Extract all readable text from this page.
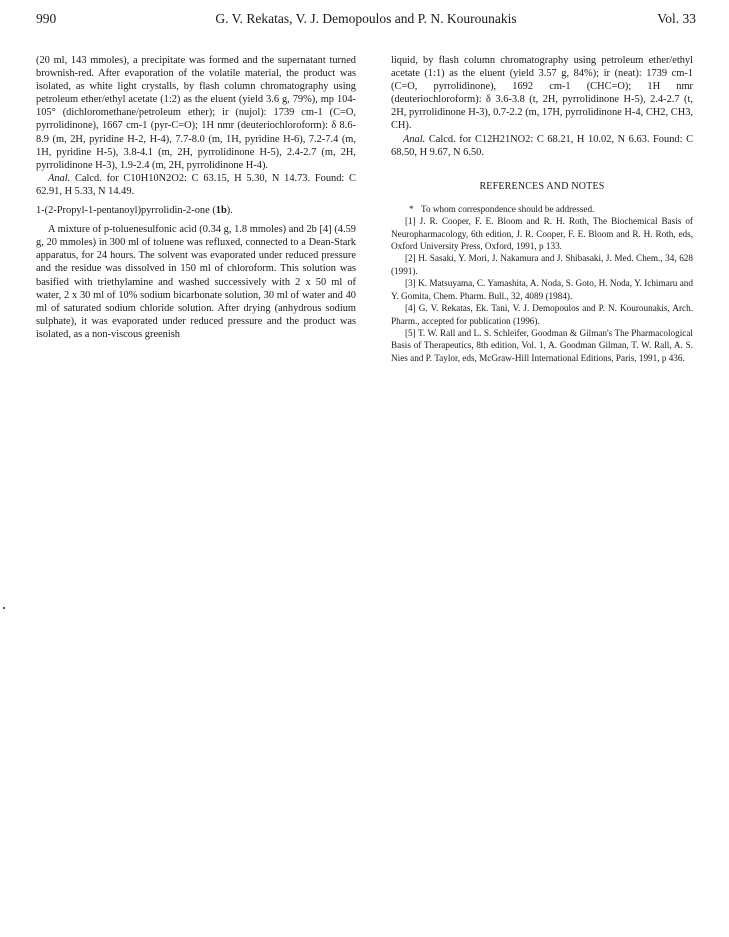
990	G. V. Rekatas, V. J. Demopoulos and P. N. Kourounakis	Vol. 33

(20 ml, 143 mmoles), a precipitate was formed and the supernatant turned brownish-red. After evaporation of the volatile material, the product was isolated, as white light crystalls, by flash column chromatography using petroleum ether/ethyl acetate (1:2) as the eluent (yield 3.6 g, 79%), mp 104-105° (dichloromethane/petroleum ether); ir (nujol): 1739 cm-1 (C=O, pyrrolidinone), 1667 cm-1 (pyr-C=O); 1H nmr (deuteriochloroform): δ 8.6-8.9 (m, 2H, pyridine H-2, H-4), 7.7-8.0 (m, 1H, pyridine H-6), 7.2-7.4 (m, 1H, pyridine H-5), 3.8-4.1 (m, 2H, pyrrolidinone H-5), 2.4-2.7 (m, 2H, pyrrolidinone H-3), 1.9-2.4 (m, 2H, pyrrolidinone H-4).

Anal. Calcd. for C10H10N2O2: C 63.15, H 5.30, N 14.73. Found: C 62.91, H 5.33, N 14.49.

1-(2-Propyl-1-pentanoyl)pyrrolidin-2-one (1b).

A mixture of p-toluenesulfonic acid (0.34 g, 1.8 mmoles) and 2b [4] (4.59 g, 20 mmoles) in 300 ml of toluene was refluxed, connected to a Dean-Stark apparatus, for 24 hours. The solvent was evaporated under reduced pressure and the residue was dissolved in 150 ml of chloroform. This solution was basified with triethylamine and washed successively with 2 x 50 ml of water, 2 x 30 ml of 10% sodium bicarbonate solution, 30 ml of water and 40 ml of saturated sodium chloride solution. After drying (anhydrous sodium sulphate), it was evaporated under reduced pressure and the product was isolated, as a non-viscous greenish

liquid, by flash column chromatography using petroleum ether/ethyl acetate (1:1) as the eluent (yield 3.57 g, 84%); ir (neat): 1739 cm-1 (C=O, pyrrolidinone), 1692 cm-1 (CHC=O); 1H nmr (deuteriochloroform): δ 3.6-3.8 (t, 2H, pyrrolidinone H-5), 2.4-2.7 (t, 2H, pyrrolidinone H-3), 0.7-2.2 (m, 17H, pyrrolidinone H-4, CH2, CH3, CH).

Anal. Calcd. for C12H21NO2: C 68.21, H 10.02, N 6.63. Found: C 68.50, H 9.67, N 6.50.

REFERENCES AND NOTES

* To whom correspondence should be addressed.

[1] J. R. Cooper, F. E. Bloom and R. H. Roth, The Biochemical Basis of Neuropharmacology, 6th edition, J. R. Cooper, F. E. Bloom and R. H. Roth, eds, Oxford University Press, Oxford, 1991, p 133.

[2] H. Sasaki, Y. Mori, J. Nakamura and J. Shibasaki, J. Med. Chem., 34, 628 (1991).

[3] K. Matsuyama, C. Yamashita, A. Noda, S. Goto, H. Noda, Y. Ichimaru and Y. Gomita, Chem. Pharm. Bull., 32, 4089 (1984).

[4] G. V. Rekatas, Ek. Tani, V. J. Demopoulos and P. N. Kourounakis, Arch. Pharm., accepted for publication (1996).

[5] T. W. Rall and L. S. Schleifer, Goodman & Gilman's The Pharmacological Basis of Therapeutics, 8th edition, Vol. 1, A. Goodman Gilman, T. W. Rall, A. S. Nies and P. Taylor, eds, McGraw-Hill International Editions, Paris, 1991, p 436.
